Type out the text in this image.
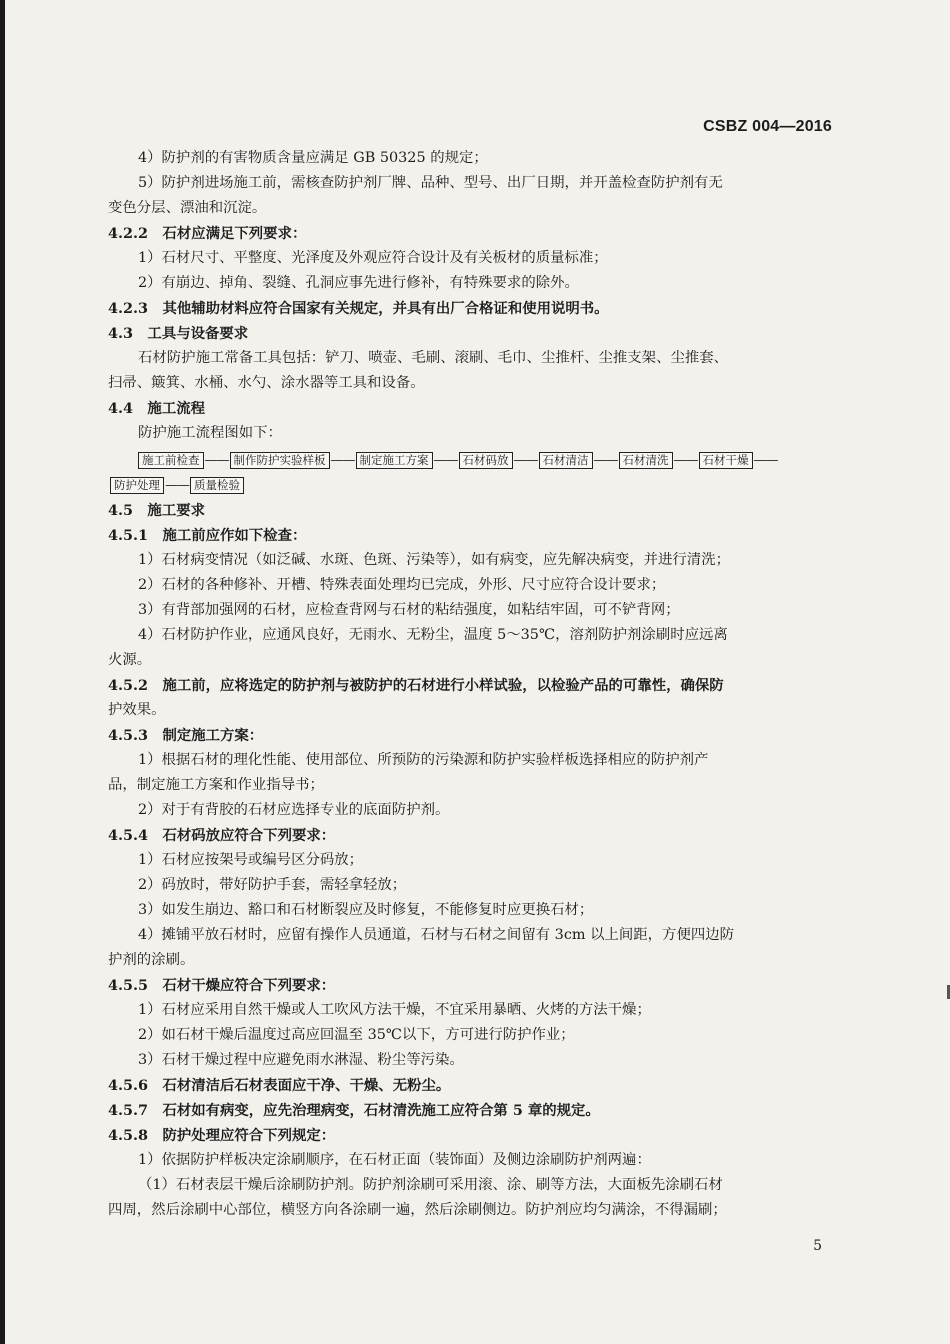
CSBZ 004—2016
4）防护剂的有害物质含量应满足 GB 50325 的规定；
5）防护剂进场施工前，需核查防护剂厂牌、品种、型号、出厂日期，并开盖检查防护剂有无
变色分层、漂油和沉淀。
4.2.2　石材应满足下列要求：
1）石材尺寸、平整度、光泽度及外观应符合设计及有关板材的质量标准；
2）有崩边、掉角、裂缝、孔洞应事先进行修补，有特殊要求的除外。
4.2.3　其他辅助材料应符合国家有关规定，并具有出厂合格证和使用说明书。
4.3　工具与设备要求
石材防护施工常备工具包括：铲刀、喷壶、毛刷、滚刷、毛巾、尘推杆、尘推支架、尘推套、
扫帚、簸箕、水桶、水勺、涂水器等工具和设备。
4.4　施工流程
防护施工流程图如下：
施工前检查 —— 制作防护实验样板 —— 制定施工方案 —— 石材码放 —— 石材清洁 —— 石材清洗 —— 石材干燥 ——
防护处理 —— 质量检验
4.5　施工要求
4.5.1　施工前应作如下检查：
1）石材病变情况（如泛碱、水斑、色斑、污染等），如有病变，应先解决病变，并进行清洗；
2）石材的各种修补、开槽、特殊表面处理均已完成，外形、尺寸应符合设计要求；
3）有背部加强网的石材，应检查背网与石材的粘结强度，如粘结牢固，可不铲背网；
4）石材防护作业，应通风良好，无雨水、无粉尘，温度 5～35℃，溶剂防护剂涂刷时应远离
火源。
4.5.2　施工前，应将选定的防护剂与被防护的石材进行小样试验，以检验产品的可靠性，确保防
护效果。
4.5.3　制定施工方案：
1）根据石材的理化性能、使用部位、所预防的污染源和防护实验样板选择相应的防护剂产
品，制定施工方案和作业指导书；
2）对于有背胶的石材应选择专业的底面防护剂。
4.5.4　石材码放应符合下列要求：
1）石材应按架号或编号区分码放；
2）码放时，带好防护手套，需轻拿轻放；
3）如发生崩边、豁口和石材断裂应及时修复，不能修复时应更换石材；
4）摊铺平放石材时，应留有操作人员通道，石材与石材之间留有 3cm 以上间距，方便四边防
护剂的涂刷。
4.5.5　石材干燥应符合下列要求：
1）石材应采用自然干燥或人工吹风方法干燥，不宜采用暴晒、火烤的方法干燥；
2）如石材干燥后温度过高应回温至 35℃以下，方可进行防护作业；
3）石材干燥过程中应避免雨水淋湿、粉尘等污染。
4.5.6　石材清洁后石材表面应干净、干燥、无粉尘。
4.5.7　石材如有病变，应先治理病变，石材清洗施工应符合第 5 章的规定。
4.5.8　防护处理应符合下列规定：
1）依据防护样板决定涂刷顺序，在石材正面（装饰面）及侧边涂刷防护剂两遍：
（1）石材表层干燥后涂刷防护剂。防护剂涂刷可采用滚、涂、刷等方法，大面板先涂刷石材
四周，然后涂刷中心部位，横竖方向各涂刷一遍，然后涂刷侧边。防护剂应均匀满涂，不得漏刷；
5
